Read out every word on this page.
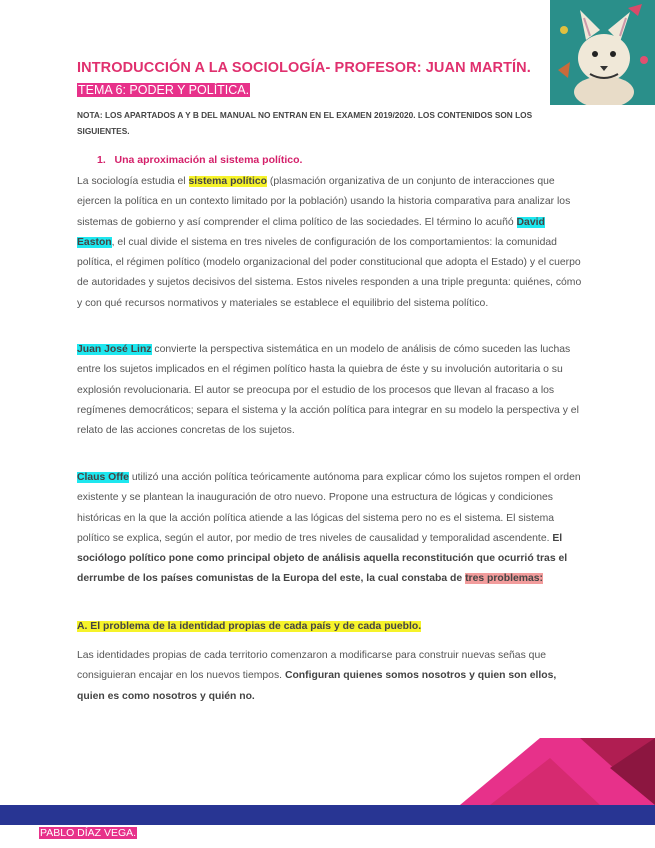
INTRODUCCIÓN A LA SOCIOLOGÍA- PROFESOR: JUAN MARTÍN.
TEMA 6: PODER Y POLÍTICA.
NOTA: LOS APARTADOS A Y B DEL MANUAL NO ENTRAN EN EL EXAMEN 2019/2020. LOS CONTENIDOS SON LOS SIGUIENTES.
1. Una aproximación al sistema político.

La sociología estudia el sistema político (plasmación organizativa de un conjunto de interacciones que ejercen la política en un contexto limitado por la población) usando la historia comparativa para analizar los sistemas de gobierno y así comprender el clima político de las sociedades. El término lo acuñó David Easton, el cual divide el sistema en tres niveles de configuración de los comportamientos: la comunidad política, el régimen político (modelo organizacional del poder constitucional que adopta el Estado) y el cuerpo de autoridades y sujetos decisivos del sistema. Estos niveles responden a una triple pregunta: quiénes, cómo y con qué recursos normativos y materiales se establece el equilibrio del sistema político.

Juan José Linz convierte la perspectiva sistemática en un modelo de análisis de cómo suceden las luchas entre los sujetos implicados en el régimen político hasta la quiebra de éste y su involución autoritaria o su explosión revolucionaria. El autor se preocupa por el estudio de los procesos que llevan al fracaso a los regímenes democráticos; separa el sistema y la acción política para integrar en su modelo la perspectiva y el relato de las acciones concretas de los sujetos.

Claus Offe utilizó una acción política teóricamente autónoma para explicar cómo los sujetos rompen el orden existente y se plantean la inauguración de otro nuevo. Propone una estructura de lógicas y condiciones históricas en la que la acción política atiende a las lógicas del sistema pero no es el sistema. El sistema político se explica, según el autor, por medio de tres niveles de causalidad y temporalidad ascendente. El sociólogo político pone como principal objeto de análisis aquella reconstitución que ocurrió tras el derrumbe de los países comunistas de la Europa del este, la cual constaba de tres problemas:

A. El problema de la identidad propias de cada país y de cada pueblo.

Las identidades propias de cada territorio comenzaron a modificarse para construir nuevas señas que consiguieran encajar en los nuevos tiempos. Configuran quienes somos nosotros y quien son ellos, quien es como nosotros y quién no.

PABLO DÍAZ VEGA.
